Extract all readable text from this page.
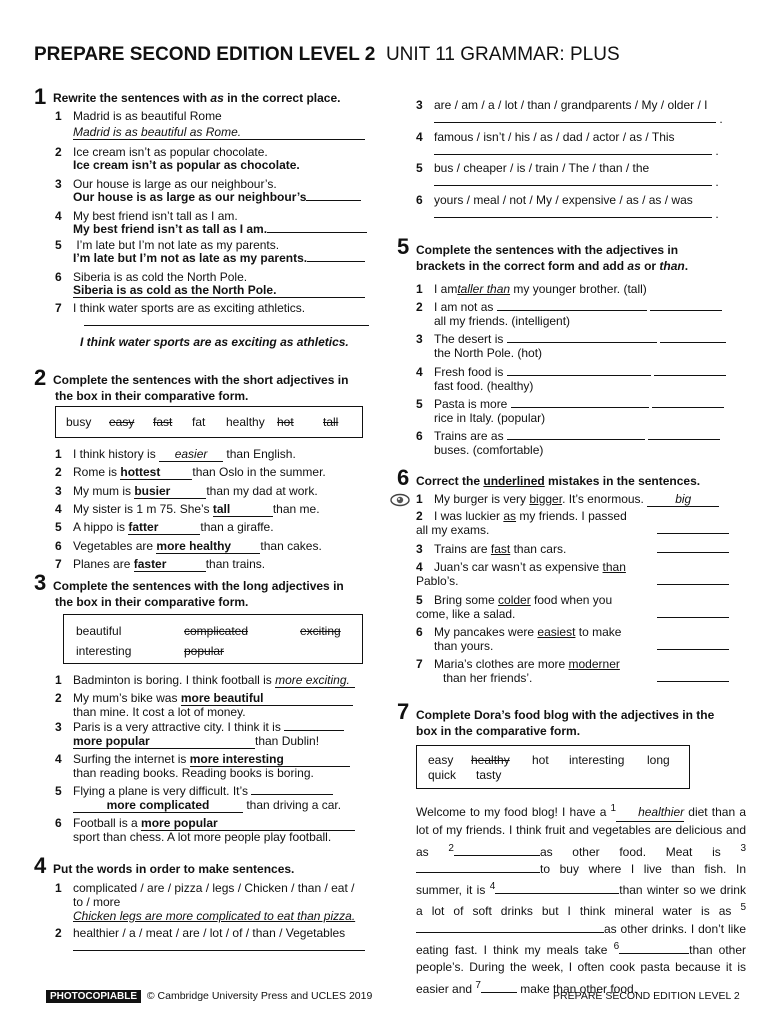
PREPARE SECOND EDITION LEVEL 2 UNIT 11 GRAMMAR: PLUS
1 Rewrite the sentences with as in the correct place.
1 Madrid is as beautiful Rome
Madrid is as beautiful as Rome.
2 Ice cream isn’t as popular chocolate.
Ice cream isn’t as popular as chocolate.
3 Our house is large as our neighbour’s.
Our house is as large as our neighbour’s
4 My best friend isn’t tall as I am.
My best friend isn’t as tall as I am.
5 I’m late but I’m not late as my parents.
I’m late but I’m not as late as my parents.
6 Siberia is as cold the North Pole.
Siberia is as cold as the North Pole.
7 I think water sports are as exciting athletics.
I think water sports are as exciting as athletics.
2 Complete the sentences with the short adjectives in
the box in their comparative form.
busy easy fast fat healthy hot tall
1 I think history is easier than English.
2 Rome is hottest	than Oslo in the summer.
3 My mum is busier	than my dad at work.
4 My sister is 1 m 75. She’s tall	than me.
5 A hippo is fatter	than a giraffe.
6 Vegetables are more healthy than cakes.
7 Planes are faster	than trains.
3 Complete the sentences with the long adjectives in
the box in their comparative form.
beautiful	complicated	exciting
interesting	popular
1 Badminton is boring. I think football is more exciting.
2 My mum’s bike was more beautiful
than mine. It cost a lot of money.
3 Paris is a very attractive city. I think it is
more popular	than Dublin!
4 Surfing the internet is more interesting
than reading books. Reading books is boring.
5 Flying a plane is very difficult. It’s
more complicated	than driving a car.
6 Football is a more popular
sport than chess. A lot more people play football.
4 Put the words in order to make sentences.
1 complicated / are / pizza / legs / Chicken / than / eat /
to / more
Chicken legs are more complicated to eat than pizza.
2 healthier / a / meat / are / lot / of / than / Vegetables
3 are / am / a / lot / than / grandparents / My / older / I
.
4 famous / isn’t / his / as / dad / actor / as / This
.
5 bus / cheaper / is / train / The / than / the
.
6 yours / meal / not / My / expensive / as / as / was
.
5 Complete the sentences with the adjectives in
brackets in the correct form and add as or than.
1 I amtaller than my younger brother. (tall)
2 I am not as
all my friends. (intelligent)
3 The desert is
the North Pole. (hot)
4 Fresh food is
fast food. (healthy)
5 Pasta is more
rice in Italy. (popular)
6 Trains are as
buses. (comfortable)
6 Correct the underlined mistakes in the sentences.
1 My burger is very bigger. It’s enormous.	big
2 I was luckier as my friends. I passed
all my exams.
3 Trains are fast than cars.
4 Juan’s car wasn’t as expensive than
Pablo’s.
5 Bring some colder food when you
come, like a salad.
6 My pancakes were easiest to make
than yours.
7 Maria’s clothes are more moderner
than her friends’.
7 Complete Dora’s food blog with the adjectives in the
box in the comparative form.
easy healthy hot interesting long
quick tasty
Welcome to my food blog! I have a $^1$ healthier diet than a lot of my friends. I think fruit and vegetables are delicious and as $^2$	as other food. Meat is $^3$to buy where I live than fish. In summer, it is $^4$	than winter so we drink a lot of soft drinks but I think mineral water is as $^5$ as other drinks. I don’t like eating fast. I think my meals take $^6$	than other people’s. During the week, I often cook pasta because it is easier and $^7$	make than other food.
PHOTOCOPIABLE © Cambridge University Press and UCLES 2019	PREPARE SECOND EDITION LEVEL 2
